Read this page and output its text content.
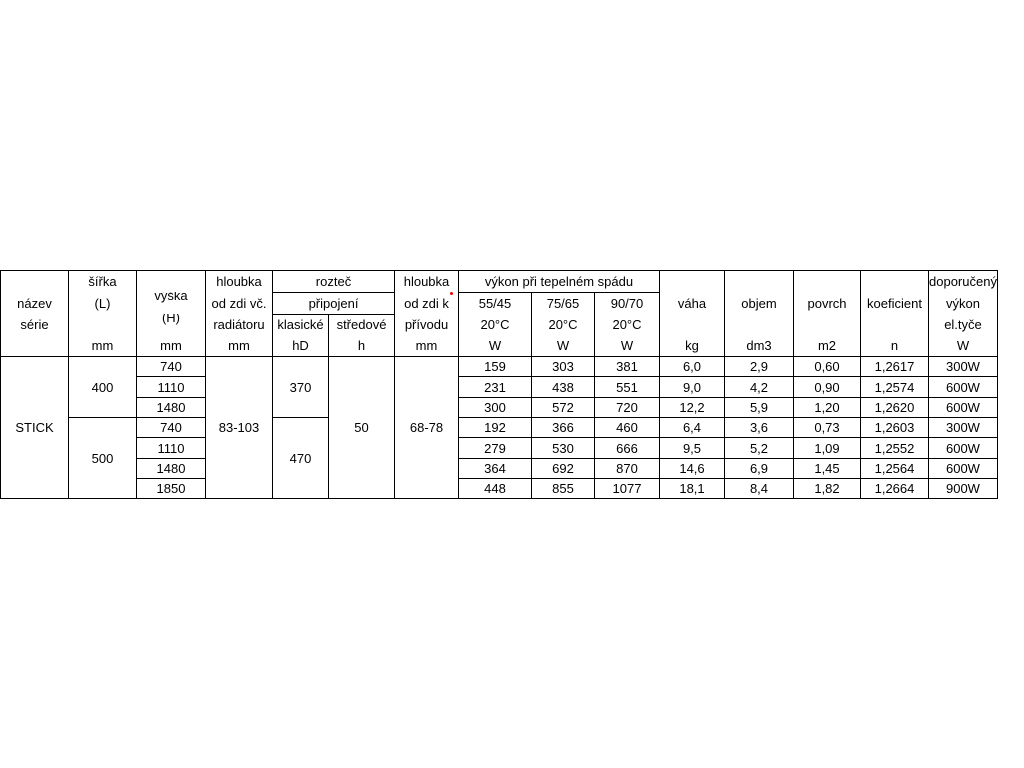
	šířka		hloubka	rozteč		hloubka	výkon při tepelném spádu							doporučený
název	(L)	výška	od zdi vč.	připojení		od zdi k	55/45	75/65	90/70	váha	objem	povrch	koeficient	výkon
série		(H)	radiátoru	klasické	středové	přívodu	20°C	20°C	20°C					el.tyče
	mm	mm	mm	hD	h	mm	W	W	W	kg	dm3	m2	n	W
STICK	400	740	83-103	370	50	68-78	159	303	381	6,0	2,9	0,60	1,2617	300W
		1110					231	438	551	9,0	4,2	0,90	1,2574	600W
		1480					300	572	720	12,2	5,9	1,20	1,2620	600W
	500	740		470			192	366	460	6,4	3,6	0,73	1,2603	300W
		1110					279	530	666	9,5	5,2	1,09	1,2552	600W
		1480					364	692	870	14,6	6,9	1,45	1,2564	600W
		1850					448	855	1077	18,1	8,4	1,82	1,2664	900W
